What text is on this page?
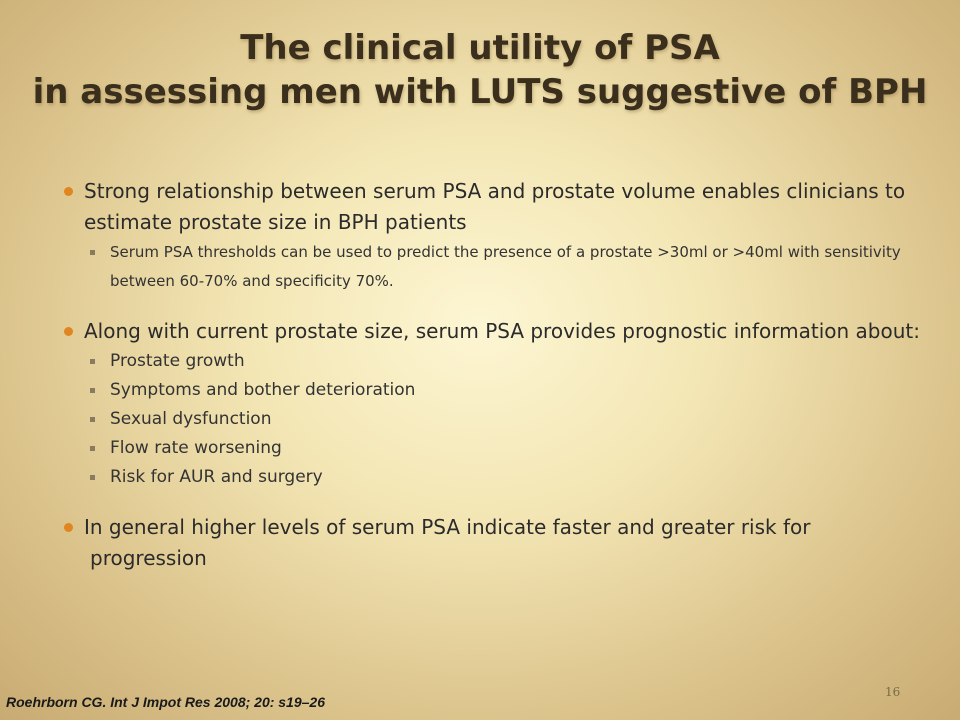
The clinical utility of PSA
in assessing men with LUTS suggestive of BPH
Strong relationship between serum PSA and prostate volume enables clinicians to estimate prostate size in BPH patients
Serum PSA thresholds can be used to predict the presence of a prostate >30ml or >40ml with sensitivity between 60-70% and specificity 70%.
Along with current prostate size, serum PSA provides prognostic information about:
Prostate growth
Symptoms and bother deterioration
Sexual dysfunction
Flow rate worsening
Risk for AUR and surgery
In general higher levels of serum PSA indicate faster and greater risk for
progression
16
Roehrborn CG. Int J Impot Res 2008; 20: s19–26
